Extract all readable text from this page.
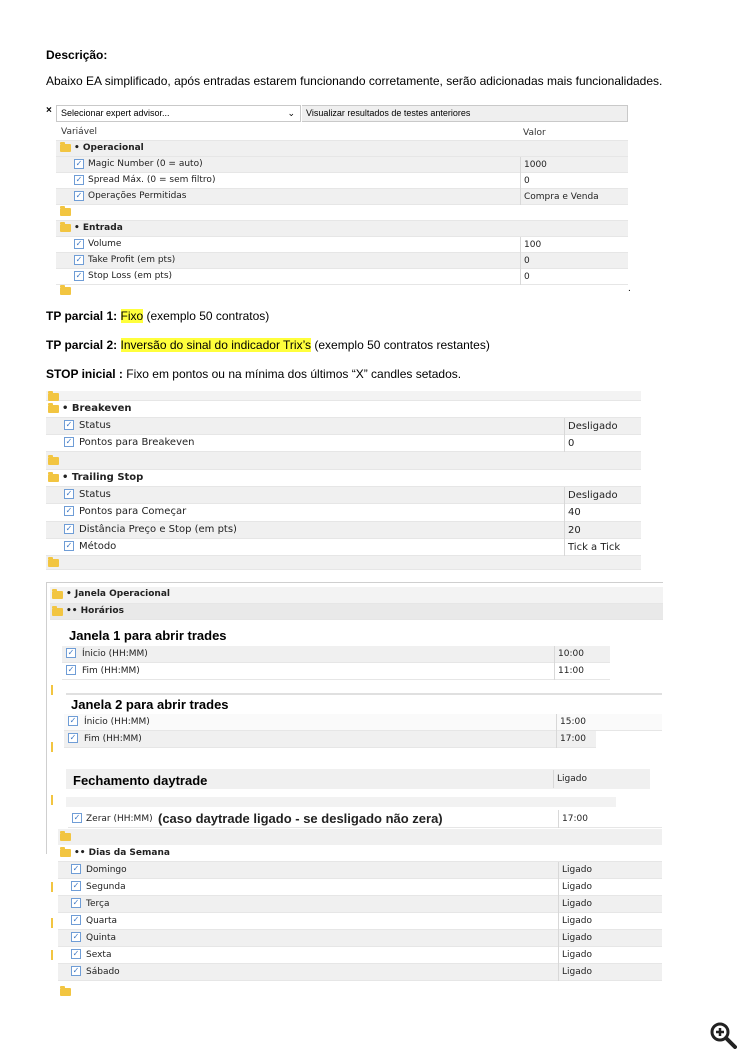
Descrição:
Abaixo EA simplificado, após entradas estarem funcionando corretamente, serão adicionadas mais funcionalidades.
×	Selecionar expert advisor...	⌄	Visualizar resultados de testes anteriores
Variável	Valor
• Operacional
✓
Magic Number (0 = auto)	1000
✓
Spread Máx. (0 = sem filtro)	0
✓
Operações Permitidas	Compra e Venda
• Entrada
✓
Volume	100
✓
Take Profit (em pts)	0
✓
Stop Loss (em pts)	0
.
TP parcial 1: Fixo (exemplo 50 contratos)
TP parcial 2: Inversão do sinal do indicador Trix’s (exemplo 50 contratos restantes)
STOP inicial : Fixo em pontos ou na mínima dos últimos “X” candles setados.
• Breakeven
✓
Status	Desligado
✓
Pontos para Breakeven	0
• Trailing Stop
✓
Status	Desligado
✓
Pontos para Começar	40
✓
Distância Preço e Stop (em pts)	20
✓
Método	Tick a Tick
• Janela Operacional
•• Horários
Janela 1 para abrir trades
✓
Ínicio (HH:MM)	10:00
✓
Fim (HH:MM)	11:00
Janela 2 para abrir trades
✓
Ínicio (HH:MM)	15:00
✓
Fim (HH:MM)	17:00
Fechamento daytrade	Ligado
✓
Zerar (HH:MM) (caso daytrade ligado - se desligado não zera)	17:00
•• Dias da Semana
✓
Domingo	Ligado
✓
Segunda	Ligado
✓
Terça	Ligado
✓
Quarta	Ligado
✓
Quinta	Ligado
✓
Sexta	Ligado
✓
Sábado	Ligado
